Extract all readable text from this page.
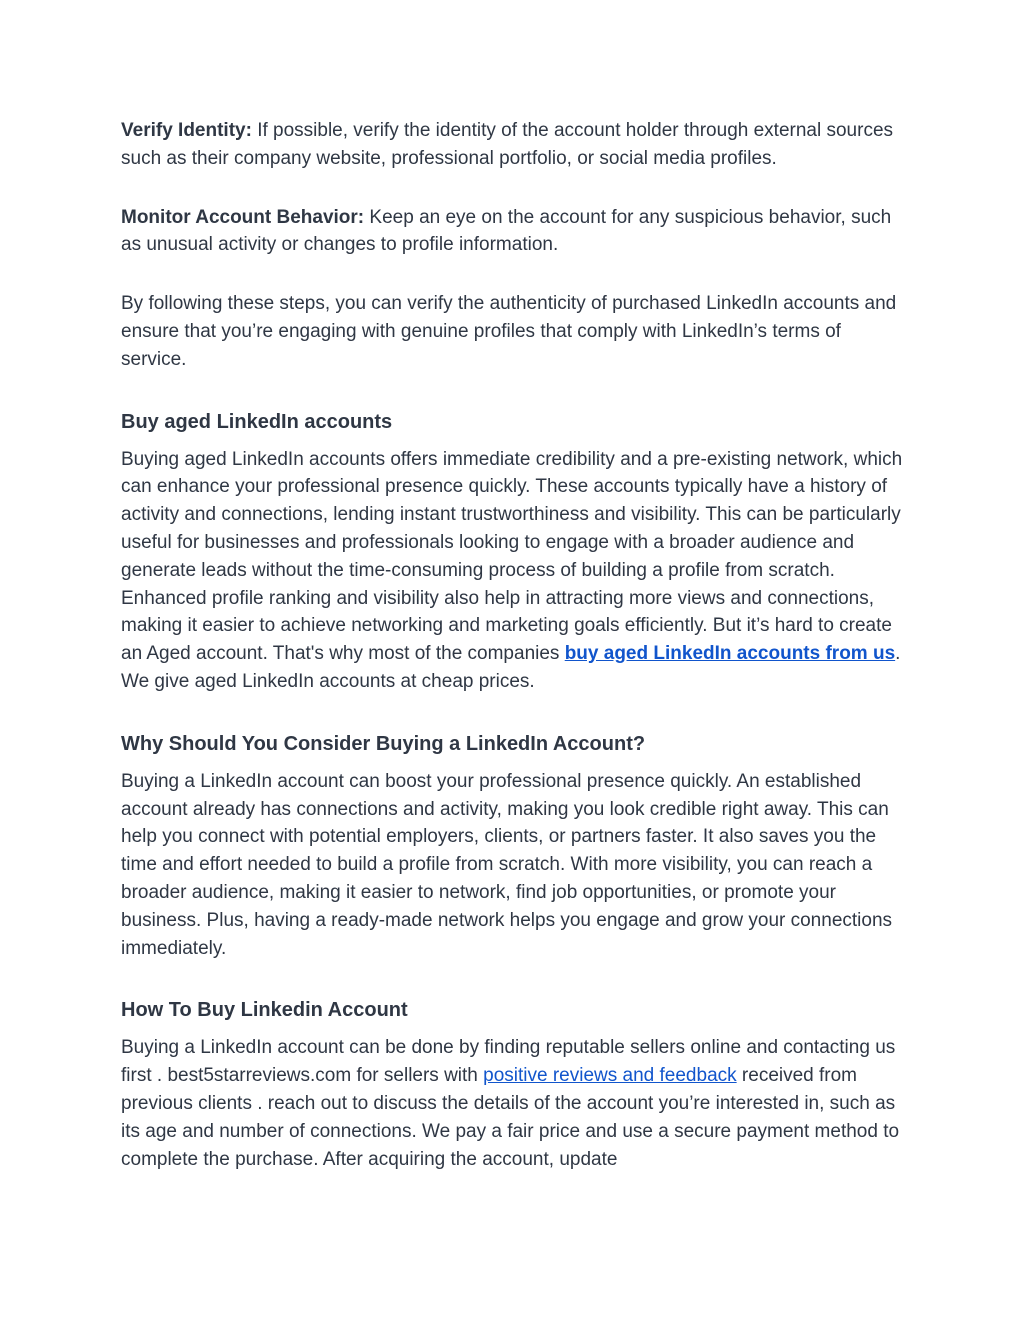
Verify Identity: If possible, verify the identity of the account holder through external sources such as their company website, professional portfolio, or social media profiles.

Monitor Account Behavior: Keep an eye on the account for any suspicious behavior, such as unusual activity or changes to profile information.

By following these steps, you can verify the authenticity of purchased LinkedIn accounts and ensure that you’re engaging with genuine profiles that comply with LinkedIn’s terms of service.

Buy aged LinkedIn accounts

Buying aged LinkedIn accounts offers immediate credibility and a pre-existing network, which can enhance your professional presence quickly. These accounts typically have a history of activity and connections, lending instant trustworthiness and visibility. This can be particularly useful for businesses and professionals looking to engage with a broader audience and generate leads without the time-consuming process of building a profile from scratch. Enhanced profile ranking and visibility also help in attracting more views and connections, making it easier to achieve networking and marketing goals efficiently. But it’s hard to create an Aged account. That's why most of the companies buy aged LinkedIn accounts from us. We give aged LinkedIn accounts at cheap prices.

Why Should You Consider Buying a LinkedIn Account?

Buying a LinkedIn account can boost your professional presence quickly. An established account already has connections and activity, making you look credible right away. This can help you connect with potential employers, clients, or partners faster. It also saves you the time and effort needed to build a profile from scratch. With more visibility, you can reach a broader audience, making it easier to network, find job opportunities, or promote your business. Plus, having a ready-made network helps you engage and grow your connections immediately.

How To Buy Linkedin Account

Buying a LinkedIn account can be done by finding reputable sellers online and contacting us first . best5starreviews.com for sellers with positive reviews and feedback received from previous clients . reach out to discuss the details of the account you’re interested in, such as its age and number of connections. We pay a fair price and use a secure payment method to complete the purchase. After acquiring the account, update
